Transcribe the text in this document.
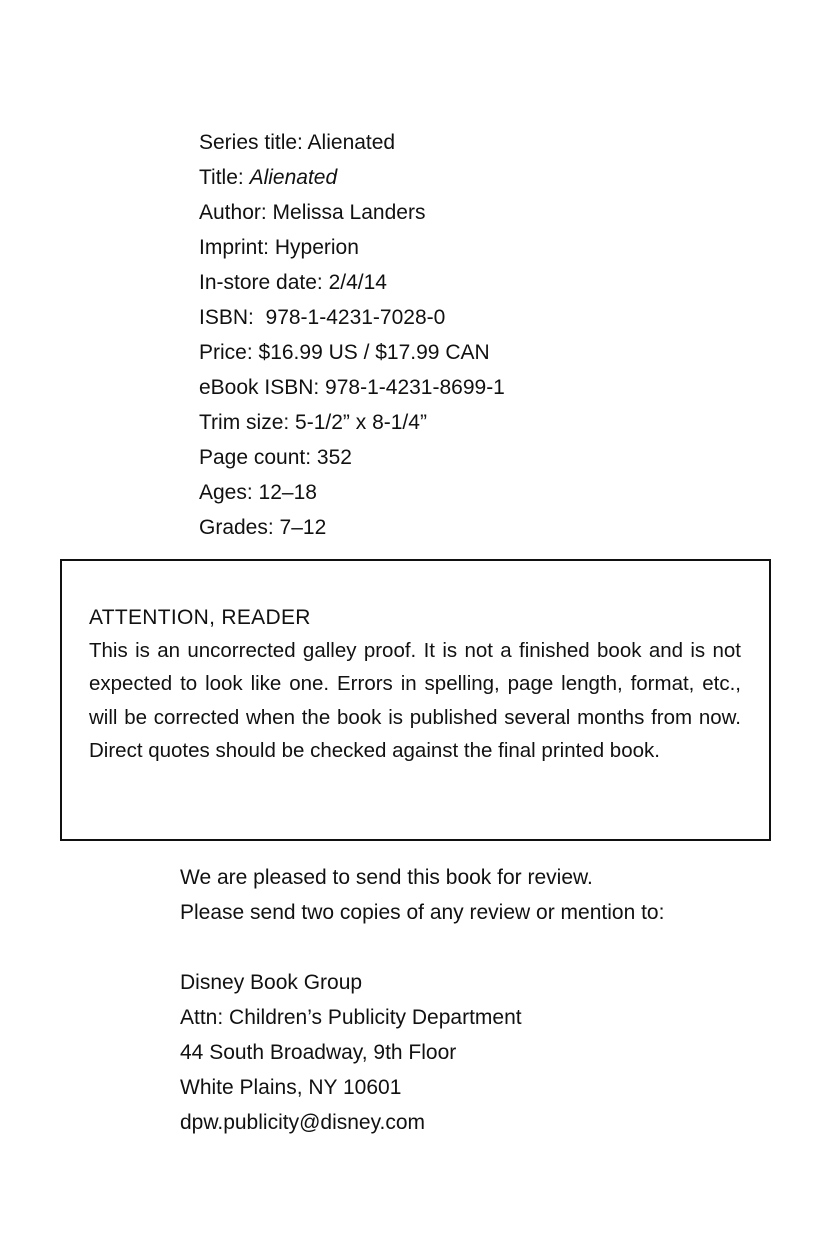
Series title: Alienated
Title: Alienated
Author: Melissa Landers
Imprint: Hyperion
In-store date: 2/4/14
ISBN:  978-1-4231-7028-0
Price: $16.99 US / $17.99 CAN
eBook ISBN: 978-1-4231-8699-1
Trim size: 5-1/2” x 8-1/4”
Page count: 352
Ages: 12–18
Grades: 7–12
ATTENTION, READER
This is an uncorrected galley proof. It is not a finished book and is not expected to look like one. Errors in spelling, page length, format, etc., will be corrected when the book is published several months from now. Direct quotes should be checked against the final printed book.
We are pleased to send this book for review.
Please send two copies of any review or mention to:
Disney Book Group
Attn: Children’s Publicity Department
44 South Broadway, 9th Floor
White Plains, NY 10601
dpw.publicity@disney.com
